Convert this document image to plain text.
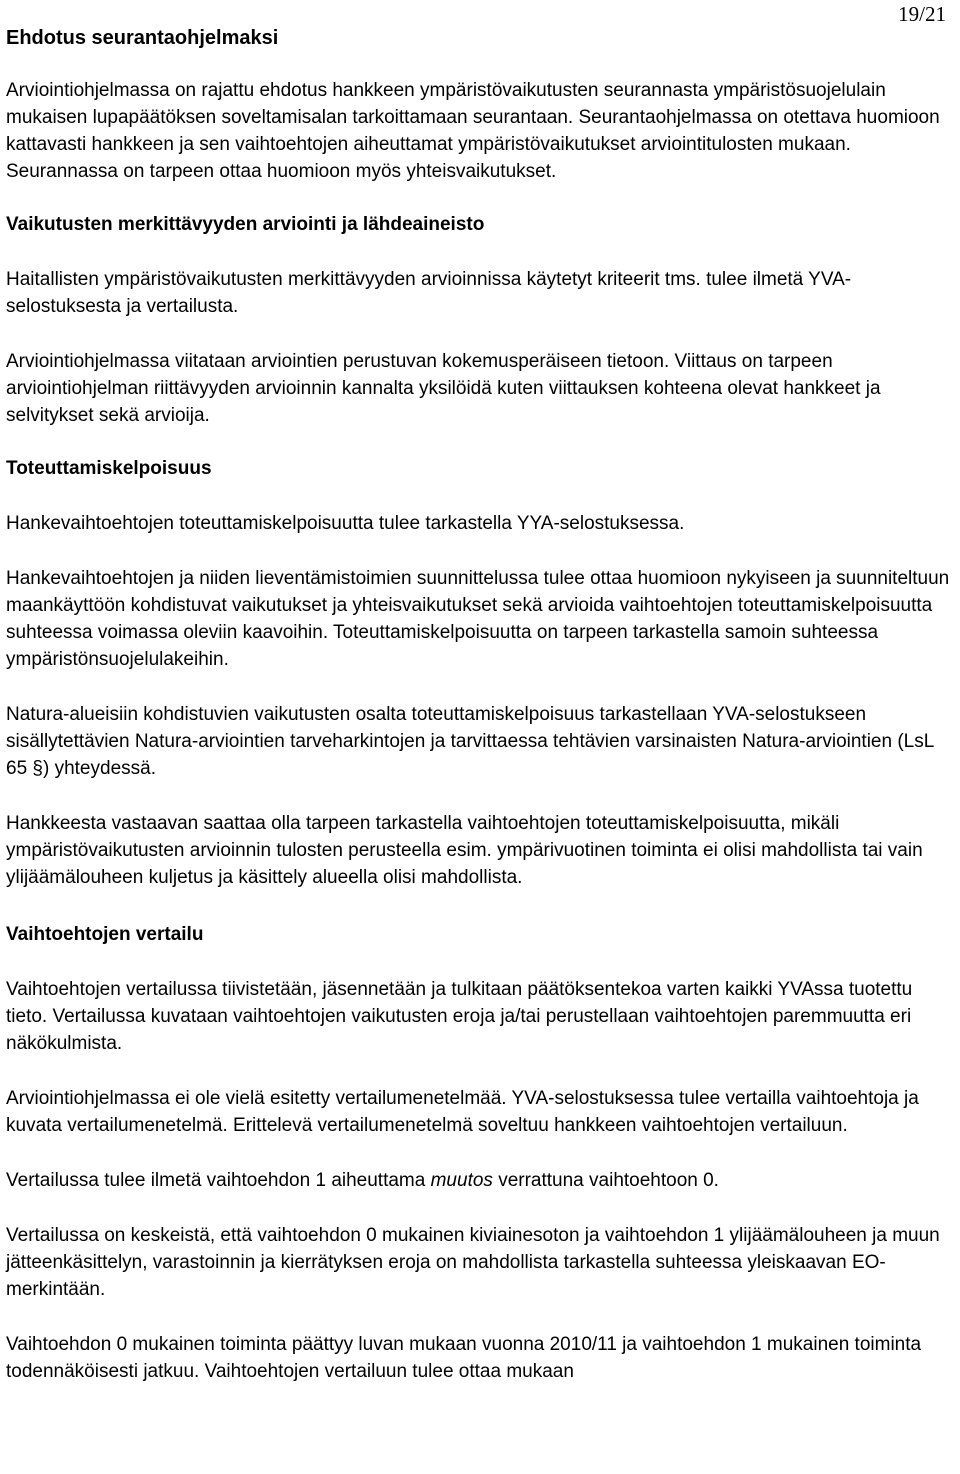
19/21
Ehdotus seurantaohjelmaksi

Arviointiohjelmassa on rajattu ehdotus hankkeen ympäristövaikutusten seurannasta ympäristösuojelulain mukaisen lupapäätöksen soveltamisalan tarkoittamaan seurantaan. Seurantaohjelmassa on otettava huomioon kattavasti hankkeen ja sen vaihtoehtojen aiheuttamat ympäristövaikutukset arviointitulosten mukaan. Seurannassa on tarpeen ottaa huomioon myös yhteisvaikutukset.

Vaikutusten merkittävyyden arviointi ja lähdeaineisto

Haitallisten ympäristövaikutusten merkittävyyden arvioinnissa käytetyt kriteerit tms. tulee ilmetä YVA-selostuksesta ja vertailusta.

Arviointiohjelmassa viitataan arviointien perustuvan kokemusperäiseen tietoon. Viittaus on tarpeen arviointiohjelman riittävyyden arvioinnin kannalta yksilöidä kuten viittauksen kohteena olevat hankkeet ja selvitykset sekä arvioija.

Toteuttamiskelpoisuus

Hankevaihtoehtojen toteuttamiskelpoisuutta tulee tarkastella YYA-selostuksessa.

Hankevaihtoehtojen ja niiden lieventämistoimien suunnittelussa tulee ottaa huomioon nykyiseen ja suunniteltuun maankäyttöön kohdistuvat vaikutukset ja yhteisvaikutukset sekä arvioida vaihtoehtojen toteuttamiskelpoisuutta suhteessa voimassa oleviin kaavoihin. Toteuttamiskelpoisuutta on tarpeen tarkastella samoin suhteessa ympäristönsuojelulakeihin.

Natura-alueisiin kohdistuvien vaikutusten osalta toteuttamiskelpoisuus tarkastellaan YVA-selostukseen sisällytettävien Natura-arviointien tarveharkintojen ja tarvittaessa tehtävien varsinaisten Natura-arviointien (LsL 65 §) yhteydessä.

Hankkeesta vastaavan saattaa olla tarpeen tarkastella vaihtoehtojen toteuttamiskelpoisuutta, mikäli ympäristövaikutusten arvioinnin tulosten perusteella esim. ympärivuotinen toiminta ei olisi mahdollista tai vain ylijäämälouheen kuljetus ja käsittely alueella olisi mahdollista.

Vaihtoehtojen vertailu

Vaihtoehtojen vertailussa tiivistetään, jäsennetään ja tulkitaan päätöksentekoa varten kaikki YVAssa tuotettu tieto. Vertailussa kuvataan vaihtoehtojen vaikutusten eroja ja/tai perustellaan vaihtoehtojen paremmuutta eri näkökulmista.

Arviointiohjelmassa ei ole vielä esitetty vertailumenetelmää. YVA-selostuksessa tulee vertailla vaihtoehtoja ja kuvata vertailumenetelmä. Erittelevä vertailumenetelmä soveltuu hankkeen vaihtoehtojen vertailuun.

Vertailussa tulee ilmetä vaihtoehdon 1 aiheuttama muutos verrattuna vaihtoehtoon 0.

Vertailussa on keskeistä, että vaihtoehdon 0 mukainen kiviainesoton ja vaihtoehdon 1 ylijäämälouheen ja muun jätteenkäsittelyn, varastoinnin ja kierrätyksen eroja on mahdollista tarkastella suhteessa yleiskaavan EO-merkintään.

Vaihtoehdon 0 mukainen toiminta päättyy luvan mukaan vuonna 2010/11 ja vaihtoehdon 1 mukainen toiminta todennäköisesti jatkuu. Vaihtoehtojen vertailuun tulee ottaa mukaan
